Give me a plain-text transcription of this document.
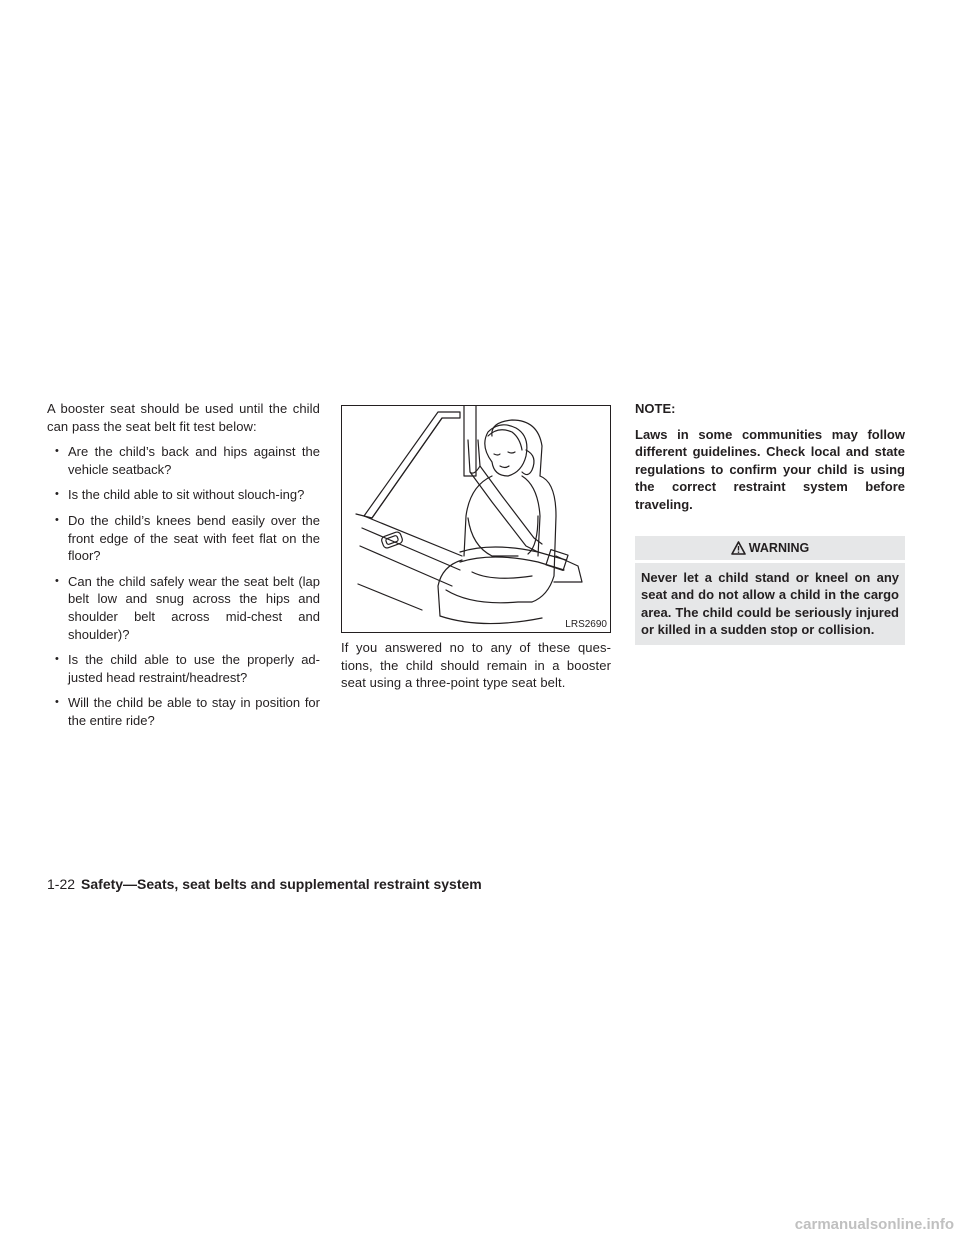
A booster seat should be used until the child can pass the seat belt fit test below:

• Are the child’s back and hips against the vehicle seatback?
• Is the child able to sit without slouch-ing?
• Do the child’s knees bend easily over the front edge of the seat with feet flat on the floor?
• Can the child safely wear the seat belt (lap belt low and snug across the hips and shoulder belt across mid-chest and shoulder)?
• Is the child able to use the properly ad-justed head restraint/headrest?
• Will the child be able to stay in position for the entire ride?
LRS2690

If you answered no to any of these ques-tions, the child should remain in a booster seat using a three-point type seat belt.

NOTE:

Laws in some communities may follow different guidelines. Check local and state regulations to confirm your child is using the correct restraint system before traveling.

WARNING

Never let a child stand or kneel on any seat and do not allow a child in the cargo area. The child could be seriously injured or killed in a sudden stop or collision.

1-22 Safety—Seats, seat belts and supplemental restraint system
carmanualsonline.info
